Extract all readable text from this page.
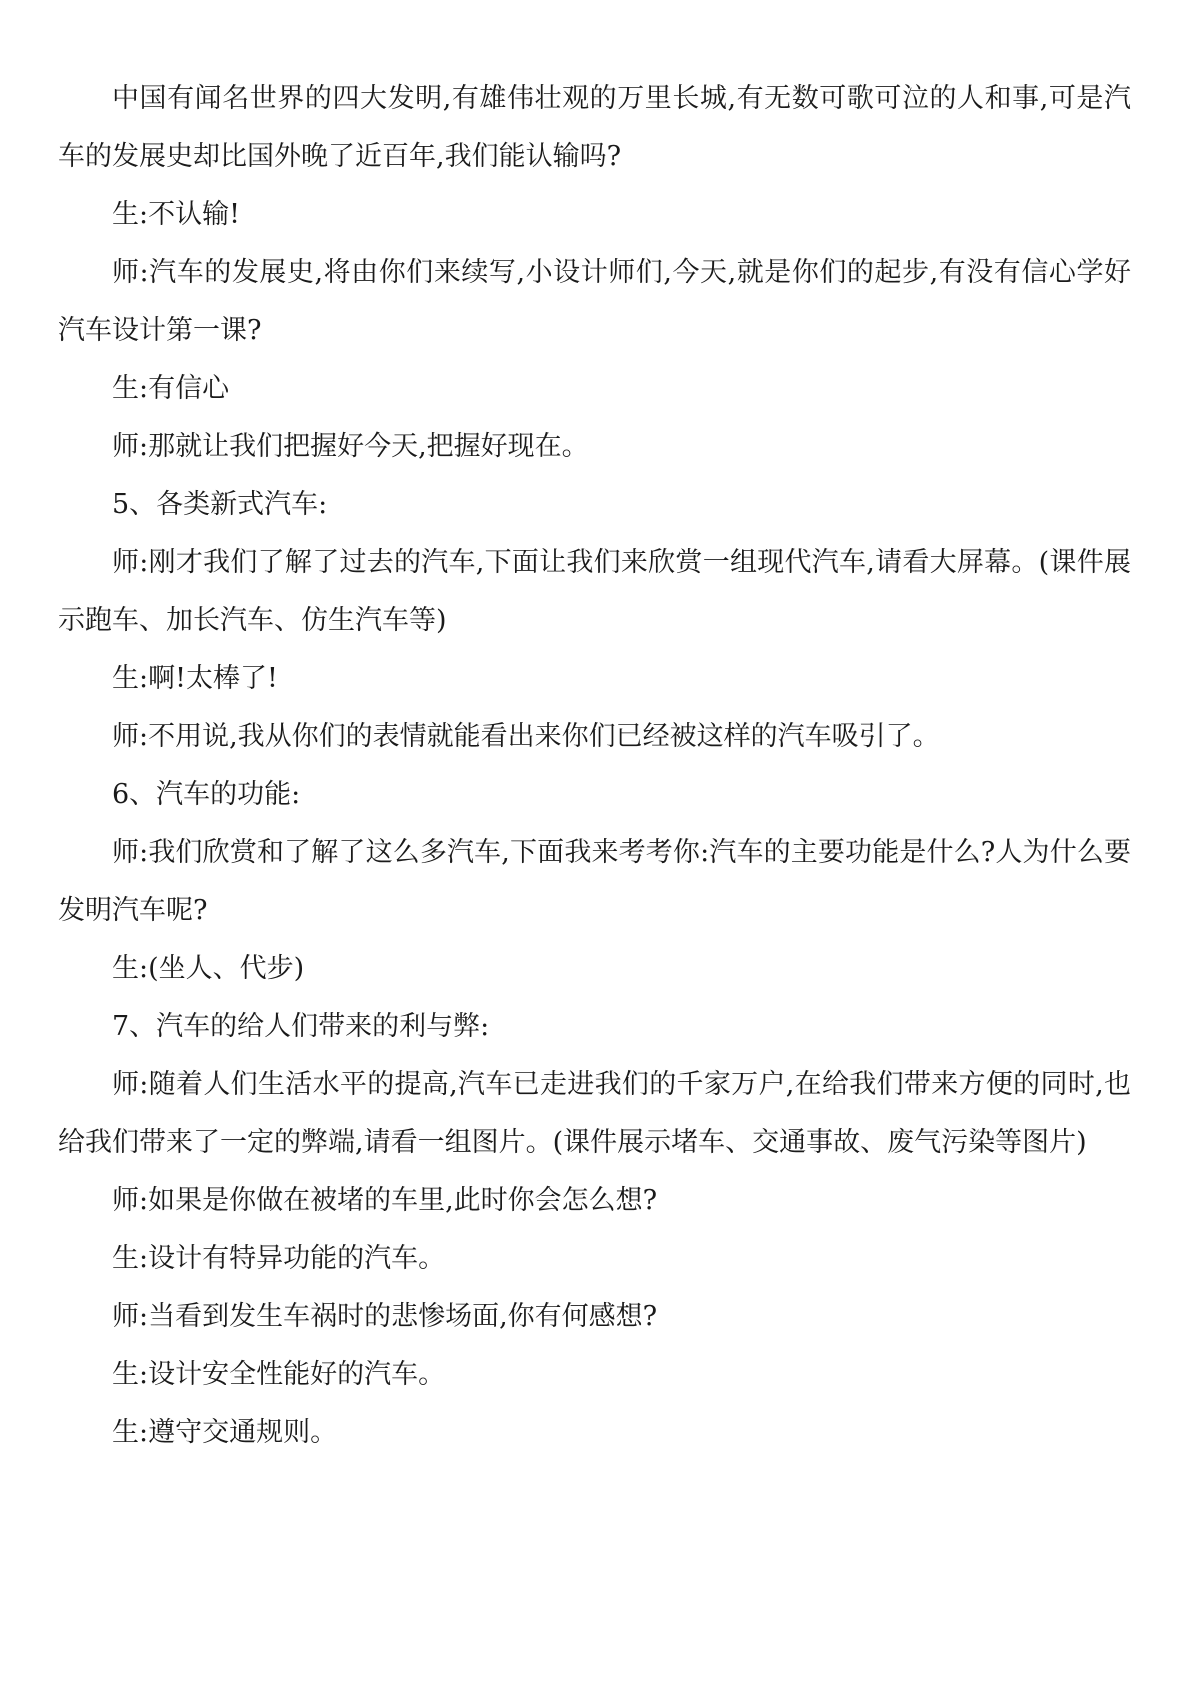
中国有闻名世界的四大发明,有雄伟壮观的万里长城,有无数可歌可泣的人和事,可是汽车的发展史却比国外晚了近百年,我们能认输吗?

生:不认输!

师:汽车的发展史,将由你们来续写,小设计师们,今天,就是你们的起步,有没有信心学好汽车设计第一课?

生:有信心

师:那就让我们把握好今天,把握好现在。

5、各类新式汽车:

师:刚才我们了解了过去的汽车,下面让我们来欣赏一组现代汽车,请看大屏幕。(课件展示跑车、加长汽车、仿生汽车等)

生:啊!太棒了!

师:不用说,我从你们的表情就能看出来你们已经被这样的汽车吸引了。

6、汽车的功能:

师:我们欣赏和了解了这么多汽车,下面我来考考你:汽车的主要功能是什么?人为什么要发明汽车呢?

生:(坐人、代步)

7、汽车的给人们带来的利与弊:

师:随着人们生活水平的提高,汽车已走进我们的千家万户,在给我们带来方便的同时,也给我们带来了一定的弊端,请看一组图片。(课件展示堵车、交通事故、废气污染等图片)

师:如果是你做在被堵的车里,此时你会怎么想?

生:设计有特异功能的汽车。

师:当看到发生车祸时的悲惨场面,你有何感想?

生:设计安全性能好的汽车。

生:遵守交通规则。
